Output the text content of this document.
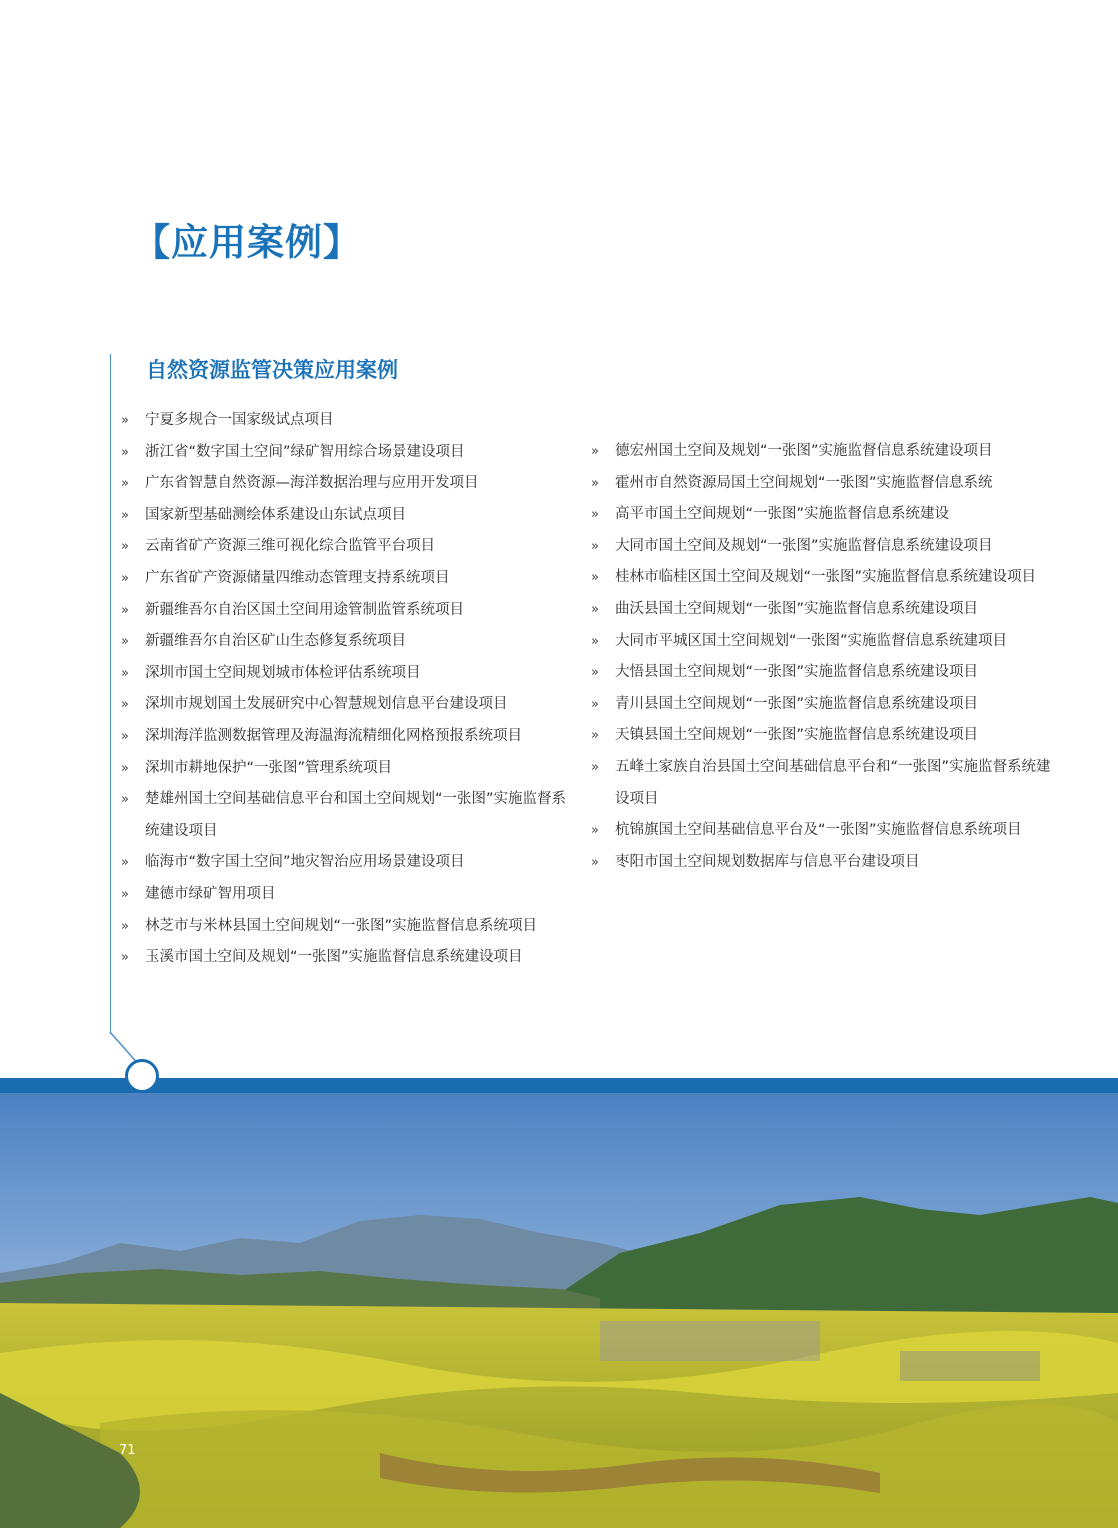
【应用案例】
自然资源监管决策应用案例
» 宁夏多规合一国家级试点项目
» 浙江省“数字国土空间”绿矿智用综合场景建设项目
» 广东省智慧自然资源—海洋数据治理与应用开发项目
» 国家新型基础测绘体系建设山东试点项目
» 云南省矿产资源三维可视化综合监管平台项目
» 广东省矿产资源储量四维动态管理支持系统项目
» 新疆维吾尔自治区国土空间用途管制监管系统项目
» 新疆维吾尔自治区矿山生态修复系统项目
» 深圳市国土空间规划城市体检评估系统项目
» 深圳市规划国土发展研究中心智慧规划信息平台建设项目
» 深圳海洋监测数据管理及海温海流精细化网格预报系统项目
» 深圳市耕地保护“一张图”管理系统项目
» 楚雄州国土空间基础信息平台和国土空间规划“一张图”实施监督系统建设项目
» 临海市“数字国土空间”地灾智治应用场景建设项目
» 建德市绿矿智用项目
» 林芝市与米林县国土空间规划“一张图”实施监督信息系统项目
» 玉溪市国土空间及规划“一张图”实施监督信息系统建设项目
» 德宏州国土空间及规划“一张图”实施监督信息系统建设项目
» 霍州市自然资源局国土空间规划“一张图”实施监督信息系统
» 高平市国土空间规划“一张图”实施监督信息系统建设
» 大同市国土空间及规划“一张图”实施监督信息系统建设项目
» 桂林市临桂区国土空间及规划“一张图”实施监督信息系统建设项目
» 曲沃县国土空间规划“一张图”实施监督信息系统建设项目
» 大同市平城区国土空间规划“一张图”实施监督信息系统建项目
» 大悟县国土空间规划“一张图”实施监督信息系统建设项目
» 青川县国土空间规划“一张图”实施监督信息系统建设项目
» 天镇县国土空间规划“一张图”实施监督信息系统建设项目
» 五峰土家族自治县国土空间基础信息平台和“一张图”实施监督系统建设项目
» 杭锦旗国土空间基础信息平台及“一张图”实施监督信息系统项目
» 枣阳市国土空间规划数据库与信息平台建设项目
71
